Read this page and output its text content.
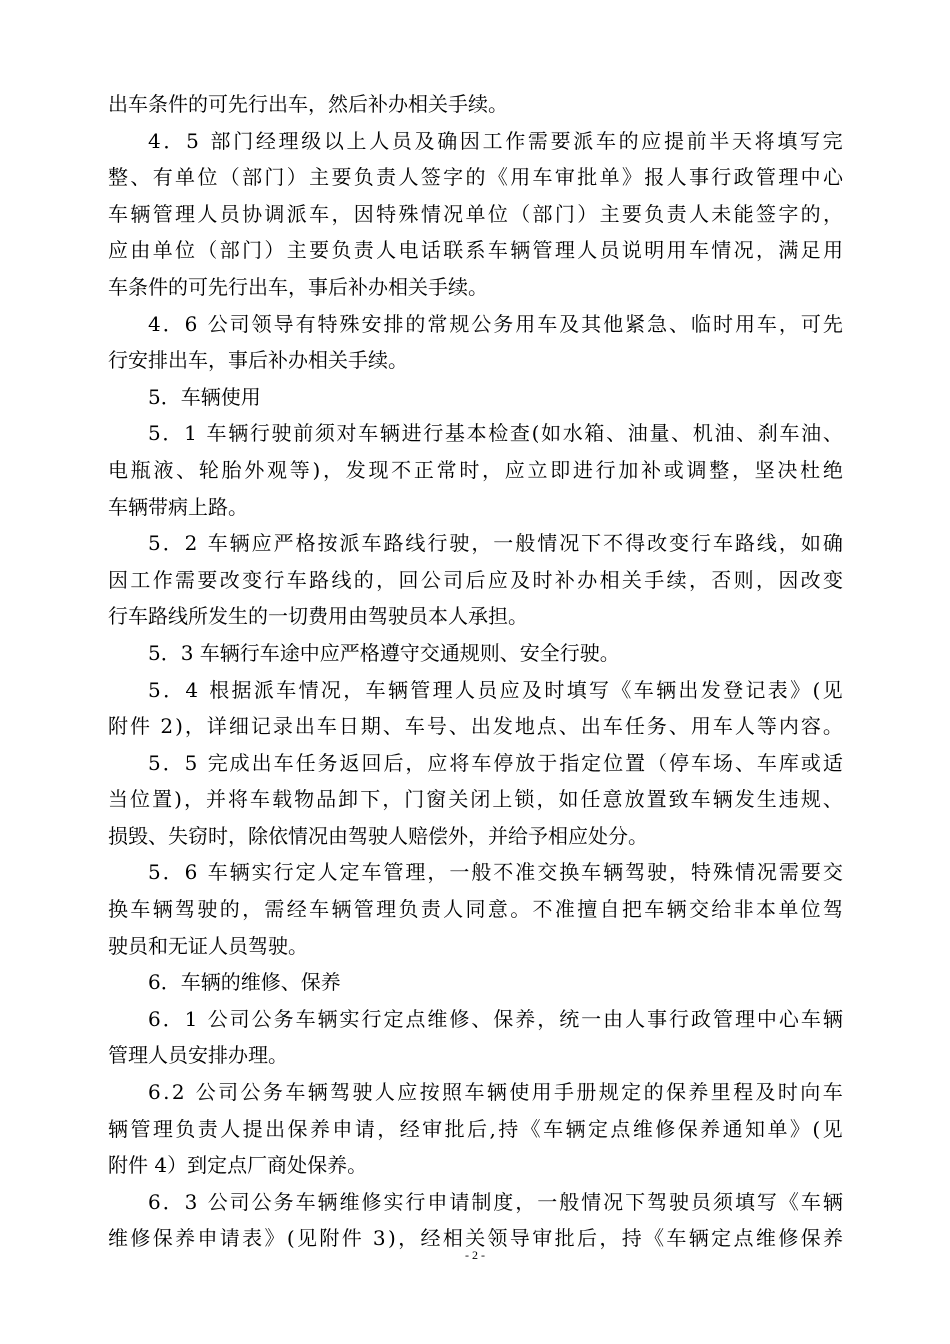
出车条件的可先行出车，然后补办相关手续。
4 ． 5
部 门 经 理 级 以 上 人 员 及 确 因 工 作 需 要 派 车 的 应 提 前 半 天 将 填 写 完
整 、 有 单 位 （ 部 门 ） 主 要 负 责 人 签 字 的 《 用 车 审 批 单 》 报 人 事 行 政 管 理 中 心
车 辆 管 理 人 员 协 调 派 车 ， 因 特 殊 情 况 单 位 （ 部 门 ） 主 要 负 责 人 未 能 签 字 的 ，
应 由 单 位 （ 部 门 ） 主 要 负 责 人 电 话 联 系 车 辆 管 理 人 员 说 明 用 车 情 况 ， 满 足 用
车条件的可先行出车，事后补办相关手续。
4 ． 6
公 司 领 导 有 特 殊 安 排 的 常 规 公 务 用 车 及 其 他 紧 急 、 临 时 用 车 ， 可 先
行安排出车，事后补办相关手续。
5．车辆使用
5 ． 1
车 辆 行 驶 前 须 对 车 辆 进 行 基 本 检 查 ( 如 水 箱 、 油 量 、 机 油 、 刹 车 油 、
电 瓶 液 、 轮 胎 外 观 等 ) ， 发 现 不 正 常 时 ， 应 立 即 进 行 加 补 或 调 整 ， 坚 决 杜 绝
车辆带病上路。
5 ． 2
车 辆 应 严 格 按 派 车 路 线 行 驶 ， 一 般 情 况 下 不 得 改 变 行 车 路 线 ， 如 确
因 工 作 需 要 改 变 行 车 路 线 的 ， 回 公 司 后 应 及 时 补 办 相 关 手 续 ， 否 则 ， 因 改 变
行车路线所发生的一切费用由驾驶员本人承担。
5．3 车辆行车途中应严格遵守交通规则、安全行驶。
5 ． 4
根 据 派 车 情 况 ， 车 辆 管 理 人 员 应 及 时 填 写 《 车 辆 出 发 登 记 表 》 ( 见
附 件
2 ) ， 详 细 记 录 出 车 日 期 、 车 号 、 出 发 地 点 、 出 车 任 务 、 用 车 人 等 内 容 。
5 ． 5
完 成 出 车 任 务 返 回 后 ， 应 将 车 停 放 于 指 定 位 置 （ 停 车 场 、 车 库 或 适
当 位 置 ) ， 并 将 车 载 物 品 卸 下 ， 门 窗 关 闭 上 锁 ， 如 任 意 放 置 致 车 辆 发 生 违 规 、
损毁、失窃时，除依情况由驾驶人赔偿外，并给予相应处分。
5 ． 6
车 辆 实 行 定 人 定 车 管 理 ， 一 般 不 准 交 换 车 辆 驾 驶 ， 特 殊 情 况 需 要 交
换 车 辆 驾 驶 的 ， 需 经 车 辆 管 理 负 责 人 同 意 。 不 准 擅 自 把 车 辆 交 给 非 本 单 位 驾
驶员和无证人员驾驶。
6．车辆的维修、保养
6 ． 1
公 司 公 务 车 辆 实 行 定 点 维 修 、 保 养 ， 统 一 由 人 事 行 政 管 理 中 心 车 辆
管理人员安排办理。
6 . 2
公 司 公 务 车 辆 驾 驶 人 应 按 照 车 辆 使 用 手 册 规 定 的 保 养 里 程 及 时 向 车
辆 管 理 负 责 人 提 出 保 养 申 请 ， 经 审 批 后 , 持 《 车 辆 定 点 维 修 保 养 通 知 单 》 ( 见
附件 4）到定点厂商处保养。
6 ． 3
公 司 公 务 车 辆 维 修 实 行 申 请 制 度 ， 一 般 情 况 下 驾 驶 员 须 填 写 《 车 辆
维 修 保 养 申 请 表 》 ( 见 附 件
3 ) ， 经 相 关 领 导 审 批 后 ， 持 《 车 辆 定 点 维 修 保 养
- 2 -
